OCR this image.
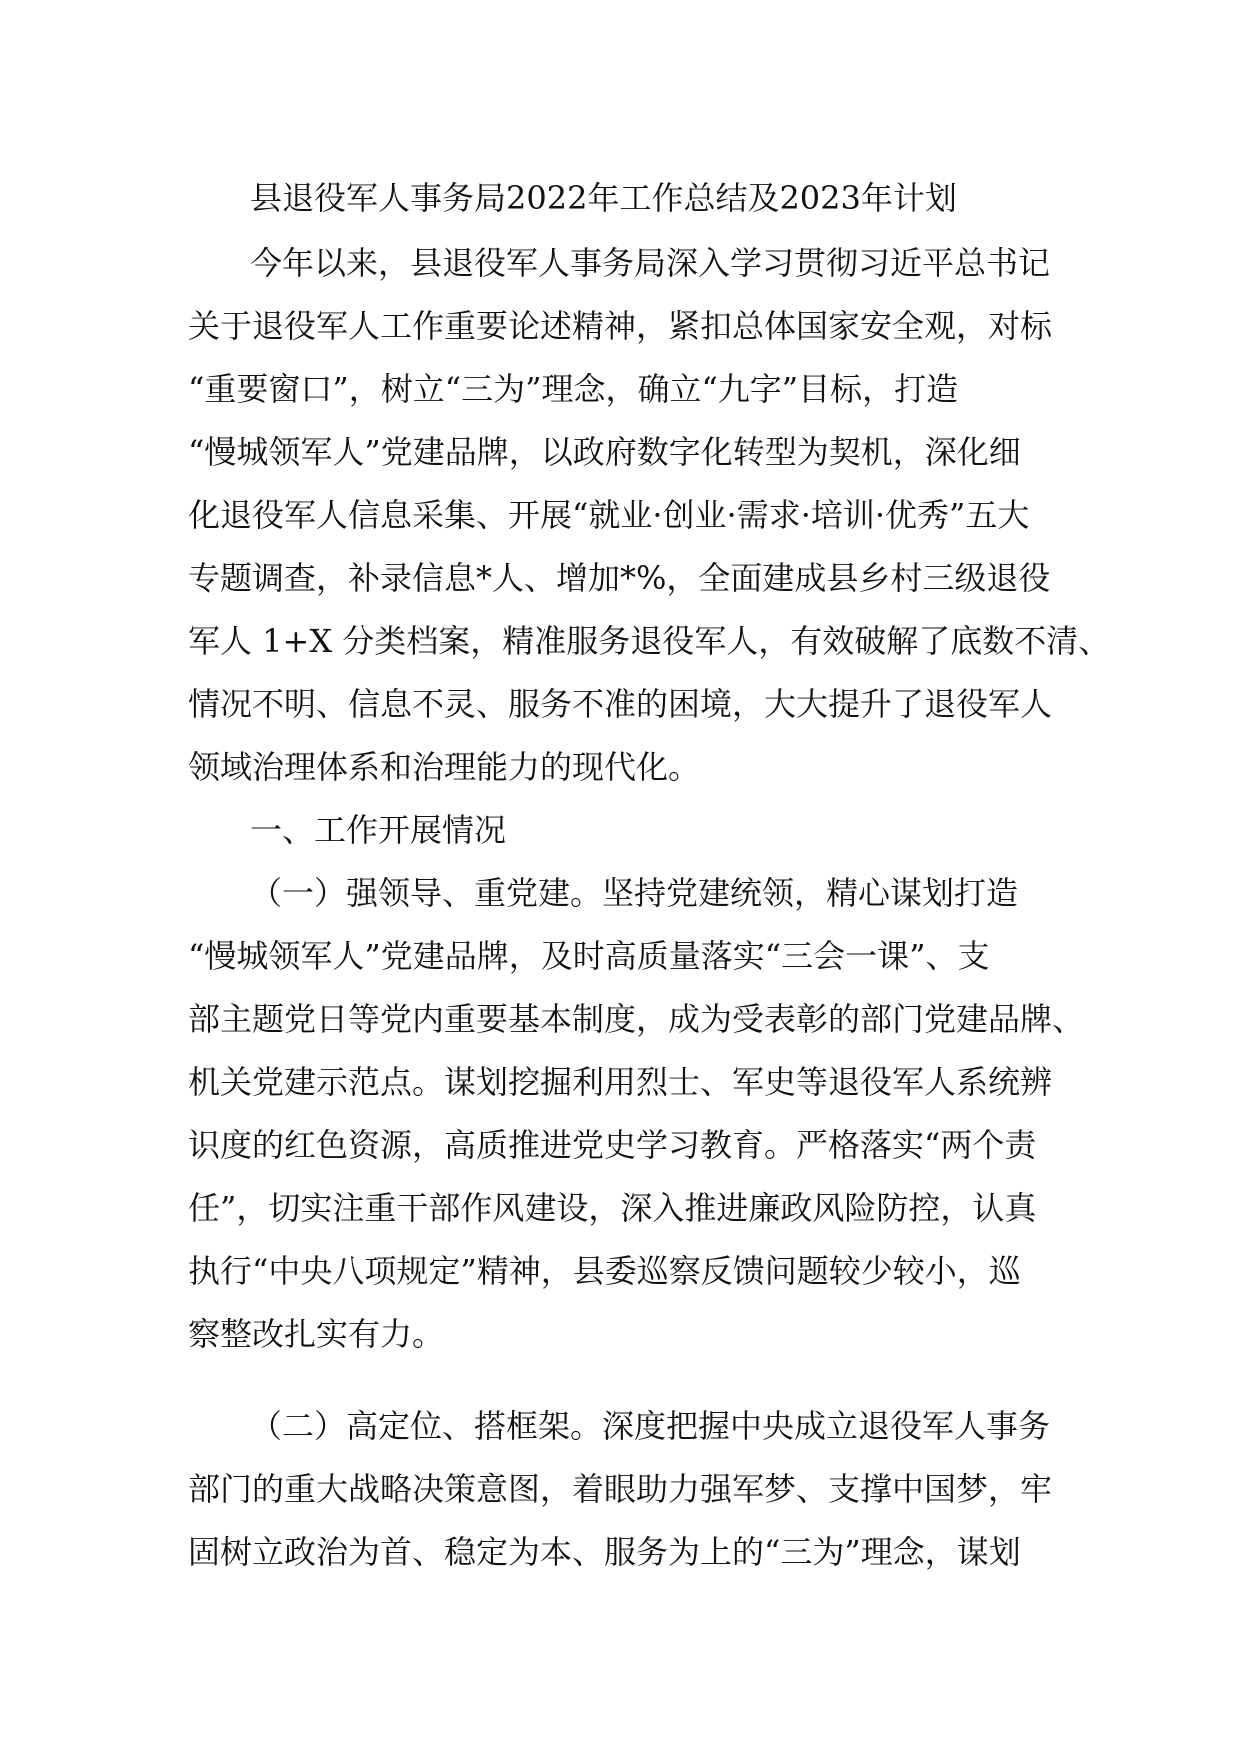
县退役军人事务局2022年工作总结及2023年计划
今年以来，县退役军人事务局深入学习贯彻习近平总书记
关于退役军人工作重要论述精神，紧扣总体国家安全观，对标
“重要窗口”，树立“三为”理念，确立“九字”目标，打造
“慢城领军人”党建品牌，以政府数字化转型为契机，深化细
化退役军人信息采集、开展“就业·创业·需求·培训·优秀”五大
专题调查，补录信息*人、增加*%，全面建成县乡村三级退役
军人 1+X 分类档案，精准服务退役军人，有效破解了底数不清、
情况不明、信息不灵、服务不准的困境，大大提升了退役军人
领域治理体系和治理能力的现代化。
一、工作开展情况
（一）强领导、重党建。坚持党建统领，精心谋划打造
“慢城领军人”党建品牌，及时高质量落实“三会一课”、支
部主题党日等党内重要基本制度，成为受表彰的部门党建品牌、
机关党建示范点。谋划挖掘利用烈士、军史等退役军人系统辨
识度的红色资源，高质推进党史学习教育。严格落实“两个责
任”，切实注重干部作风建设，深入推进廉政风险防控，认真
执行“中央八项规定”精神，县委巡察反馈问题较少较小，巡
察整改扎实有力。
（二）高定位、搭框架。深度把握中央成立退役军人事务
部门的重大战略决策意图，着眼助力强军梦、支撑中国梦，牢
固树立政治为首、稳定为本、服务为上的“三为”理念，谋划
